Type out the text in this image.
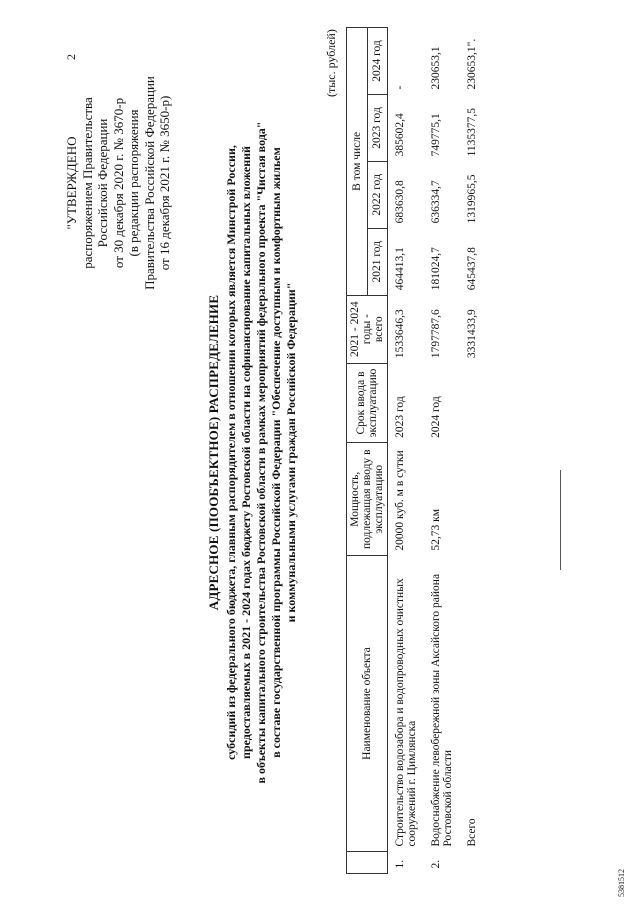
2
"УТВЕРЖДЕНО распоряжением Правительства Российской Федерации от 30 декабря 2020 г. № 3670-р (в редакции распоряжения Правительства Российской Федерации от 16 декабря 2021 г. № 3650-р)
АДРЕСНОЕ (ПООБЪЕКТНОЕ) РАСПРЕДЕЛЕНИЕ субсидий из федерального бюджета, главным распорядителем в отношении которых является Минстрой России, предоставляемых в 2021 - 2024 годах бюджету Ростовской области на софинансирование капитальных вложений в объекты капитального строительства Ростовской области в рамках мероприятий федерального проекта "Чистая вода" в составе государственной программы Российской Федерации "Обеспечение доступным и комфортным жильем и коммунальными услугами граждан Российской Федерации"
(тыс. рублей)
	Наименование объекта	Мощность, подлежащая вводу в эксплуатацию	Срок ввода в эксплуатацию	2021 - 2024 годы - всего	В том числе			
					2021 год	2022 год	2023 год	2024 год
1.	Строительство водозабора и водопроводных очистных сооружений г. Цимлянска	20000 куб. м в сутки	2023 год	1533646,3	464413,1	683630,8	385602,4	-
2.	Водоснабжение левобережной зоны Аксайского района Ростовской области	52,73 км	2024 год	1797787,6	181024,7	636334,7	749775,1	230653,1
	Всего			3331433,9	645437,8	1319965,5	1135377,5	230653,1".
5381512
